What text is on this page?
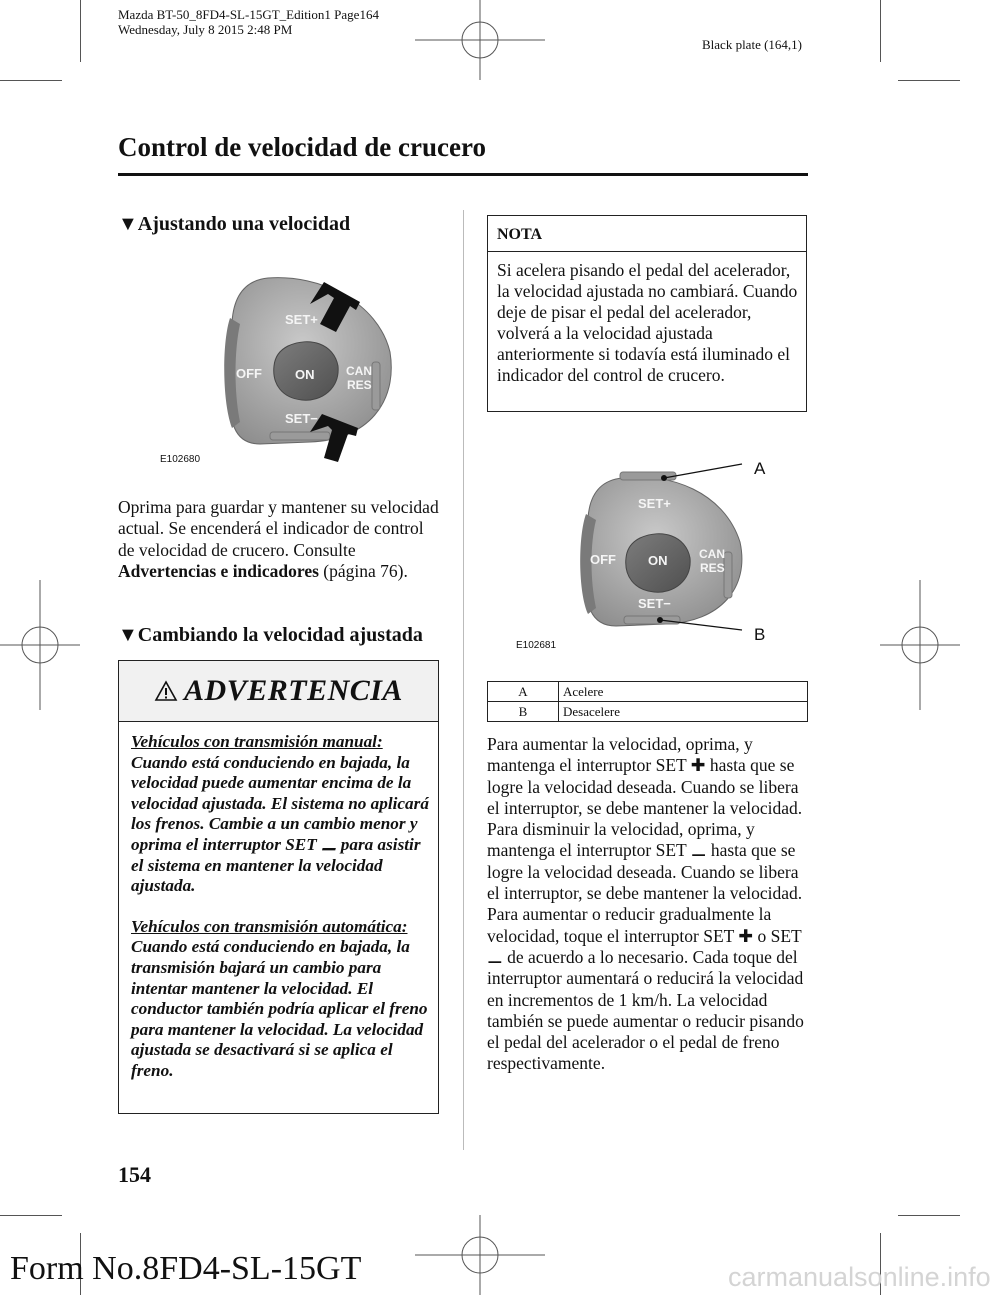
Mazda BT-50_8FD4-SL-15GT_Edition1 Page164
Wednesday, July 8 2015 2:48 PM
Black plate (164,1)
Control de velocidad de crucero
▼Ajustando una velocidad
SET+
OFF	ON	CAN
RES
SET−
E102680
Oprima para guardar y mantener su velocidad actual. Se encenderá el indicador de control de velocidad de crucero. Consulte Advertencias e indicadores (página 76).
▼Cambiando la velocidad ajustada
ADVERTENCIA
Vehículos con transmisión manual:
Cuando está conduciendo en bajada, la velocidad puede aumentar encima de la velocidad ajustada. El sistema no aplicará los frenos. Cambie a un cambio menor y oprima el interruptor SET ⚊ para asistir el sistema en mantener la velocidad ajustada.
Vehículos con transmisión automática:
Cuando está conduciendo en bajada, la transmisión bajará un cambio para intentar mantener la velocidad. El conductor también podría aplicar el freno para mantener la velocidad. La velocidad ajustada se desactivará si se aplica el freno.
NOTA
Si acelera pisando el pedal del acelerador, la velocidad ajustada no cambiará. Cuando deje de pisar el pedal del acelerador, volverá a la velocidad ajustada anteriormente si todavía está iluminado el indicador del control de crucero.
SET+
OFF ON	CAN
RES
SET−
A
B
E102681
A	Acelere
B	Desacelere
Para aumentar la velocidad, oprima, y mantenga el interruptor SET ✚ hasta que se logre la velocidad deseada. Cuando se libera el interruptor, se debe mantener la velocidad.
Para disminuir la velocidad, oprima, y mantenga el interruptor SET ⚊ hasta que se logre la velocidad deseada. Cuando se libera el interruptor, se debe mantener la velocidad.
Para aumentar o reducir gradualmente la velocidad, toque el interruptor SET ✚ o SET ⚊ de acuerdo a lo necesario. Cada toque del interruptor aumentará o reducirá la velocidad en incrementos de 1 km/h. La velocidad también se puede aumentar o reducir pisando el pedal del acelerador o el pedal de freno respectivamente.
154
Form No.8FD4-SL-15GT	carmanualsonline.info
